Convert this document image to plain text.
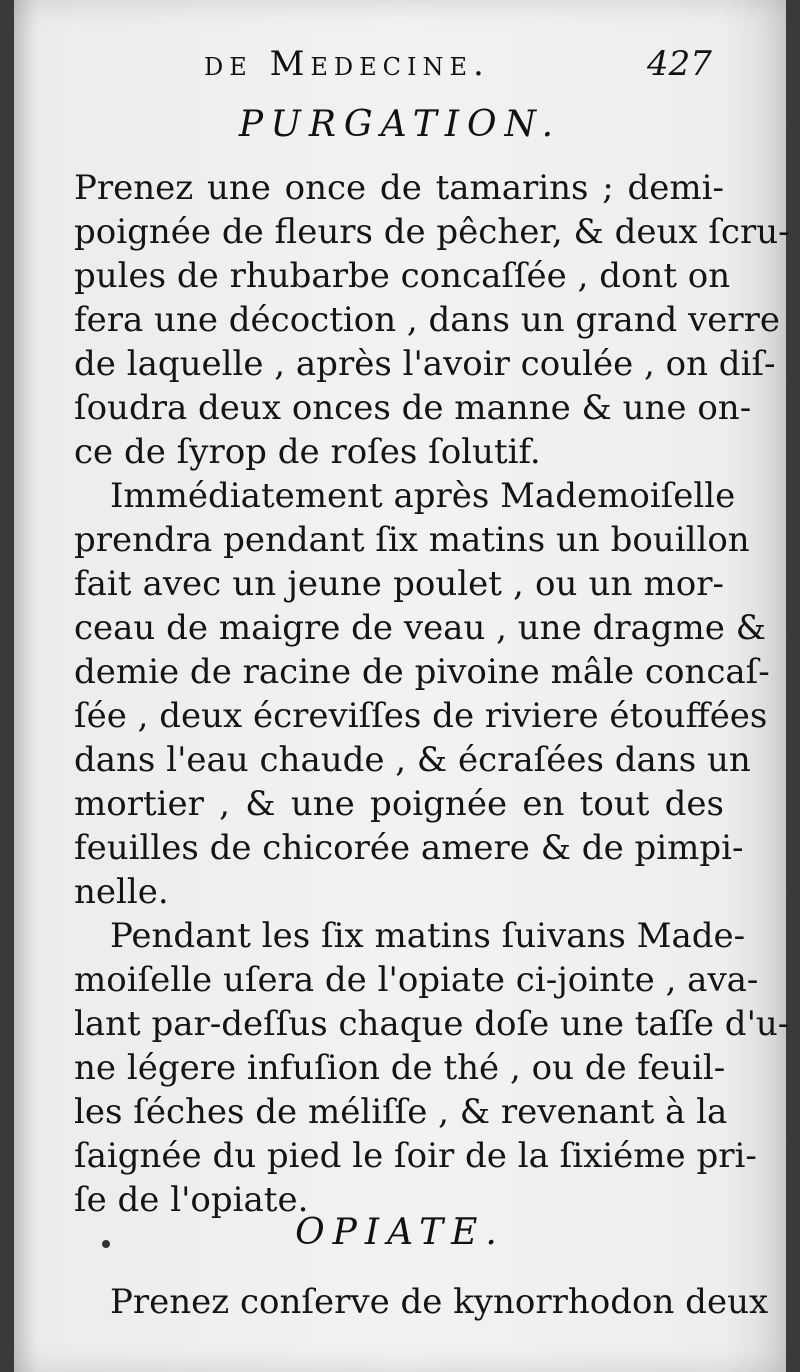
de Medecine.	427
PURGATION.
Prenez une once de tamarins ; demi-
poignée de fleurs de pêcher, & deux ſcru-
pules de rhubarbe concaſſée , dont on
fera une décoction , dans un grand verre
de laquelle , après l'avoir coulée , on diſ-
ſoudra deux onces de manne & une on-
ce de ſyrop de roſes ſolutif.
Immédiatement après Mademoiſelle
prendra pendant ſix matins un bouillon
fait avec un jeune poulet , ou un mor-
ceau de maigre de veau , une dragme &
demie de racine de pivoine mâle concaſ-
ſée , deux écreviſſes de riviere étouffées
dans l'eau chaude , & écraſées dans un
mortier , & une poignée en tout des
feuilles de chicorée amere & de pimpi-
nelle.
Pendant les ſix matins ſuivans Made-
moiſelle uſera de l'opiate ci-jointe , ava-
lant par-deſſus chaque doſe une taſſe d'u-
ne légere infuſion de thé , ou de feuil-
les ſéches de méliſſe , & revenant à la
ſaignée du pied le ſoir de la ſixiéme pri-
ſe de l'opiate.
OPIATE.
Prenez conſerve de kynorrhodon deux
